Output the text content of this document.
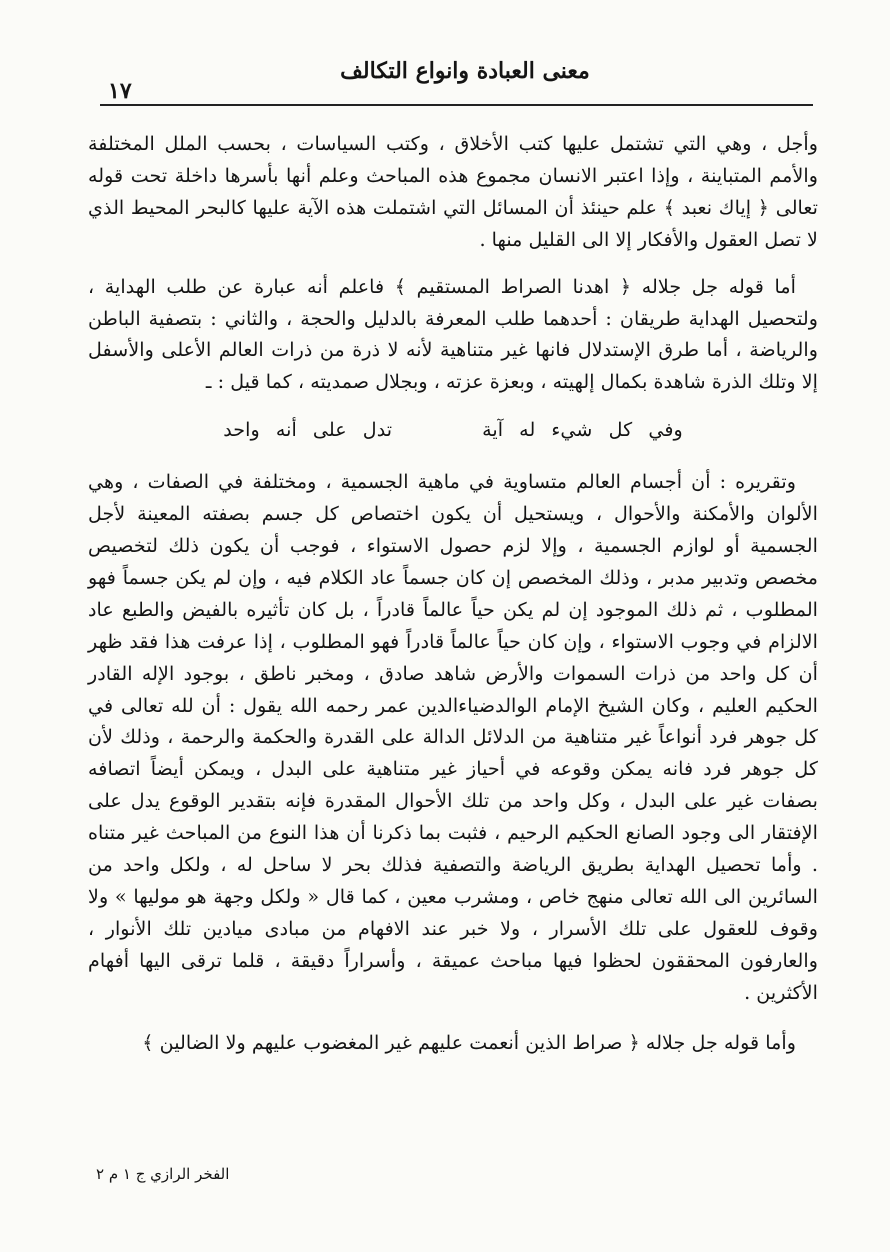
معنى العبادة وانواع التكالف
١٧

وأجل ، وهي التي تشتمل عليها كتب الأخلاق ، وكتب السياسات ، بحسب الملل المختلفة والأمم المتباينة ، وإذا اعتبر الانسان مجموع هذه المباحث وعلم أنها بأسرها داخلة تحت قوله تعالى ﴿ إياك نعبد ﴾ علم حينئذ أن المسائل التي اشتملت هذه الآية عليها كالبحر المحيط الذي لا تصل العقول والأفكار إلا الى القليل منها .

أما قوله جل جلاله ﴿ اهدنا الصراط المستقيم ﴾ فاعلم أنه عبارة عن طلب الهداية ، ولتحصيل الهداية طريقان : أحدهما طلب المعرفة بالدليل والحجة ، والثاني : بتصفية الباطن والرياضة ، أما طرق الإستدلال فانها غير متناهية لأنه لا ذرة من ذرات العالم الأعلى والأسفل إلا وتلك الذرة شاهدة بكمال إلهيته ، وبعزة عزته ، وبجلال صمديته ، كما قيل : ـ

وفي كل شيء له آية
تدل على أنه واحد

وتقريره : أن أجسام العالم متساوية في ماهية الجسمية ، ومختلفة في الصفات ، وهي الألوان والأمكنة والأحوال ، ويستحيل أن يكون اختصاص كل جسم بصفته المعينة لأجل الجسمية أو لوازم الجسمية ، وإلا لزم حصول الاستواء ، فوجب أن يكون ذلك لتخصيص مخصص وتدبير مدبر ، وذلك المخصص إن كان جسماً عاد الكلام فيه ، وإن لم يكن جسماً فهو المطلوب ، ثم ذلك الموجود إن لم يكن حياً عالماً قادراً ، بل كان تأثيره بالفيض والطبع عاد الالزام في وجوب الاستواء ، وإن كان حياً عالماً قادراً فهو المطلوب ، إذا عرفت هذا فقد ظهر أن كل واحد من ذرات السموات والأرض شاهد صادق ، ومخبر ناطق ، بوجود الإله القادر الحكيم العليم ، وكان الشيخ الإمام الوالدضياءالدين عمر رحمه الله يقول : أن لله تعالى في كل جوهر فرد أنواعاً غير متناهية من الدلائل الدالة على القدرة والحكمة والرحمة ، وذلك لأن كل جوهر فرد فانه يمكن وقوعه في أحياز غير متناهية على البدل ، ويمكن أيضاً اتصافه بصفات غير على البدل ، وكل واحد من تلك الأحوال المقدرة فإنه بتقدير الوقوع يدل على الإفتقار الى وجود الصانع الحكيم الرحيم ، فثبت بما ذكرنا أن هذا النوع من المباحث غير متناه . وأما تحصيل الهداية بطريق الرياضة والتصفية فذلك بحر لا ساحل له ، ولكل واحد من السائرين الى الله تعالى منهج خاص ، ومشرب معين ، كما قال « ولكل وجهة هو موليها » ولا وقوف للعقول على تلك الأسرار ، ولا خبر عند الافهام من مبادى ميادين تلك الأنوار ، والعارفون المحققون لحظوا فيها مباحث عميقة ، وأسراراً دقيقة ، قلما ترقى اليها أفهام الأكثرين .

وأما قوله جل جلاله ﴿ صراط الذين أنعمت عليهم غير المغضوب عليهم ولا الضالين ﴾

الفخر الرازي ج ١ م ٢
